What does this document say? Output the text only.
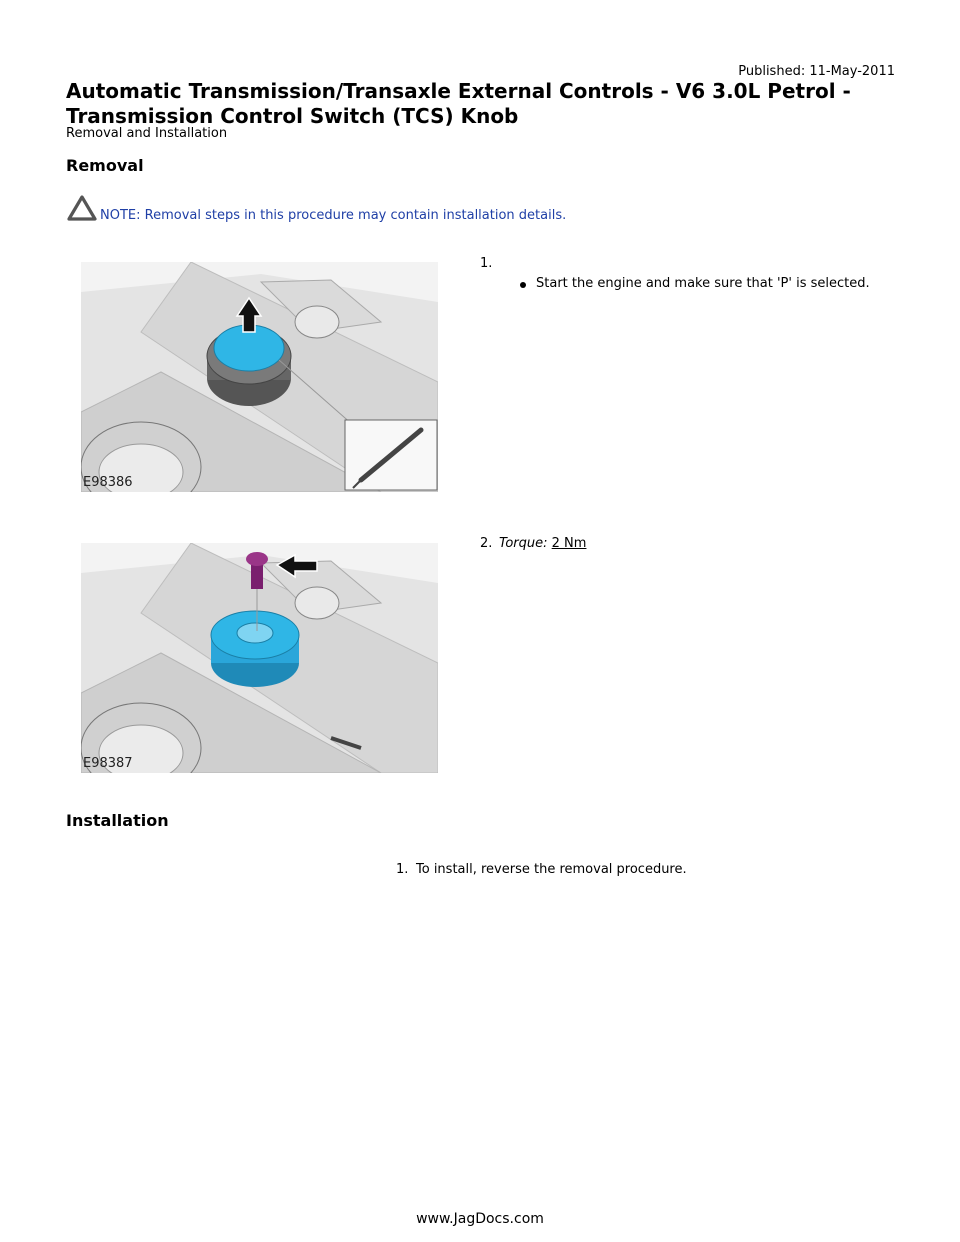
Published: 11-May-2011
Automatic Transmission/Transaxle External Controls - V6 3.0L Petrol - Transmission Control Switch (TCS) Knob
Removal and Installation
Removal
NOTE: Removal steps in this procedure may contain installation details.
E98386
1.
Start the engine and make sure that 'P' is selected.
E98387
2. Torque: 2 Nm
Installation
1. To install, reverse the removal procedure.
www.JagDocs.com
